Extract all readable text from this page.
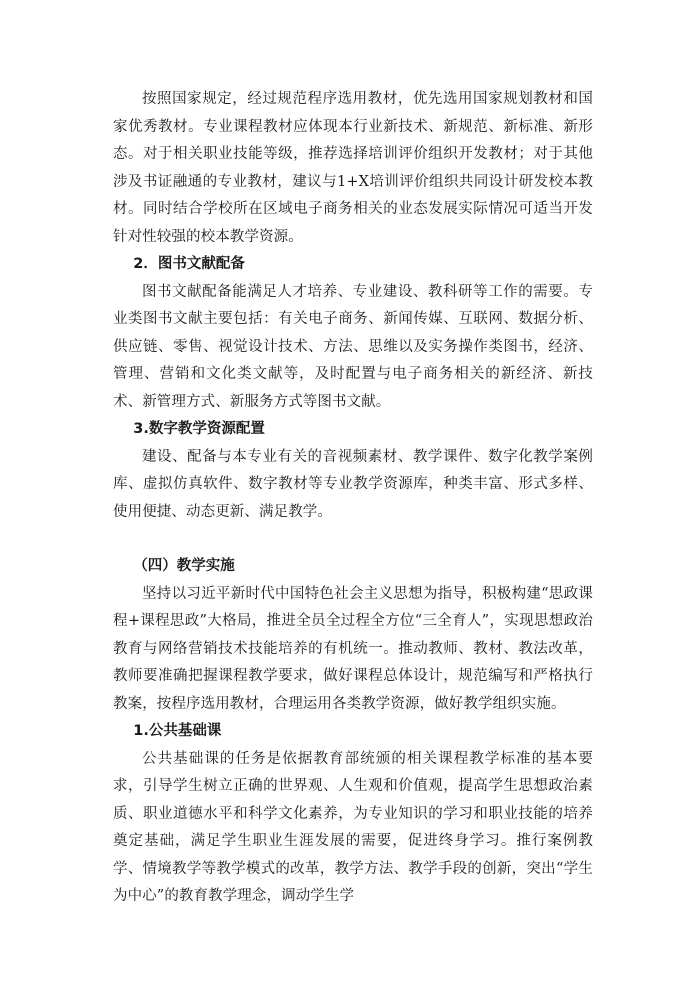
按照国家规定，经过规范程序选用教材，优先选用国家规划教材和国家优秀教材。专业课程教材应体现本行业新技术、新规范、新标准、新形态。对于相关职业技能等级，推荐选择培训评价组织开发教材；对于其他涉及书证融通的专业教材，建议与1+X培训评价组织共同设计研发校本教材。同时结合学校所在区域电子商务相关的业态发展实际情况可适当开发针对性较强的校本教学资源。

2．图书文献配备

图书文献配备能满足人才培养、专业建设、教科研等工作的需要。专业类图书文献主要包括：有关电子商务、新闻传媒、互联网、数据分析、供应链、零售、视觉设计技术、方法、思维以及实务操作类图书，经济、管理、营销和文化类文献等，及时配置与电子商务相关的新经济、新技术、新管理方式、新服务方式等图书文献。

3.数字教学资源配置

建设、配备与本专业有关的音视频素材、教学课件、数字化教学案例库、虚拟仿真软件、数字教材等专业教学资源库，种类丰富、形式多样、使用便捷、动态更新、满足教学。

（四）教学实施

坚持以习近平新时代中国特色社会主义思想为指导，积极构建“思政课程+课程思政”大格局，推进全员全过程全方位“三全育人”，实现思想政治教育与网络营销技术技能培养的有机统一。推动教师、教材、教法改革，教师要准确把握课程教学要求，做好课程总体设计，规范编写和严格执行教案，按程序选用教材，合理运用各类教学资源，做好教学组织实施。

1.公共基础课

公共基础课的任务是依据教育部统颁的相关课程教学标准的基本要求，引导学生树立正确的世界观、人生观和价值观，提高学生思想政治素质、职业道德水平和科学文化素养，为专业知识的学习和职业技能的培养奠定基础，满足学生职业生涯发展的需要，促进终身学习。推行案例教学、情境教学等教学模式的改革，教学方法、教学手段的创新，突出“学生为中心”的教育教学理念，调动学生学
